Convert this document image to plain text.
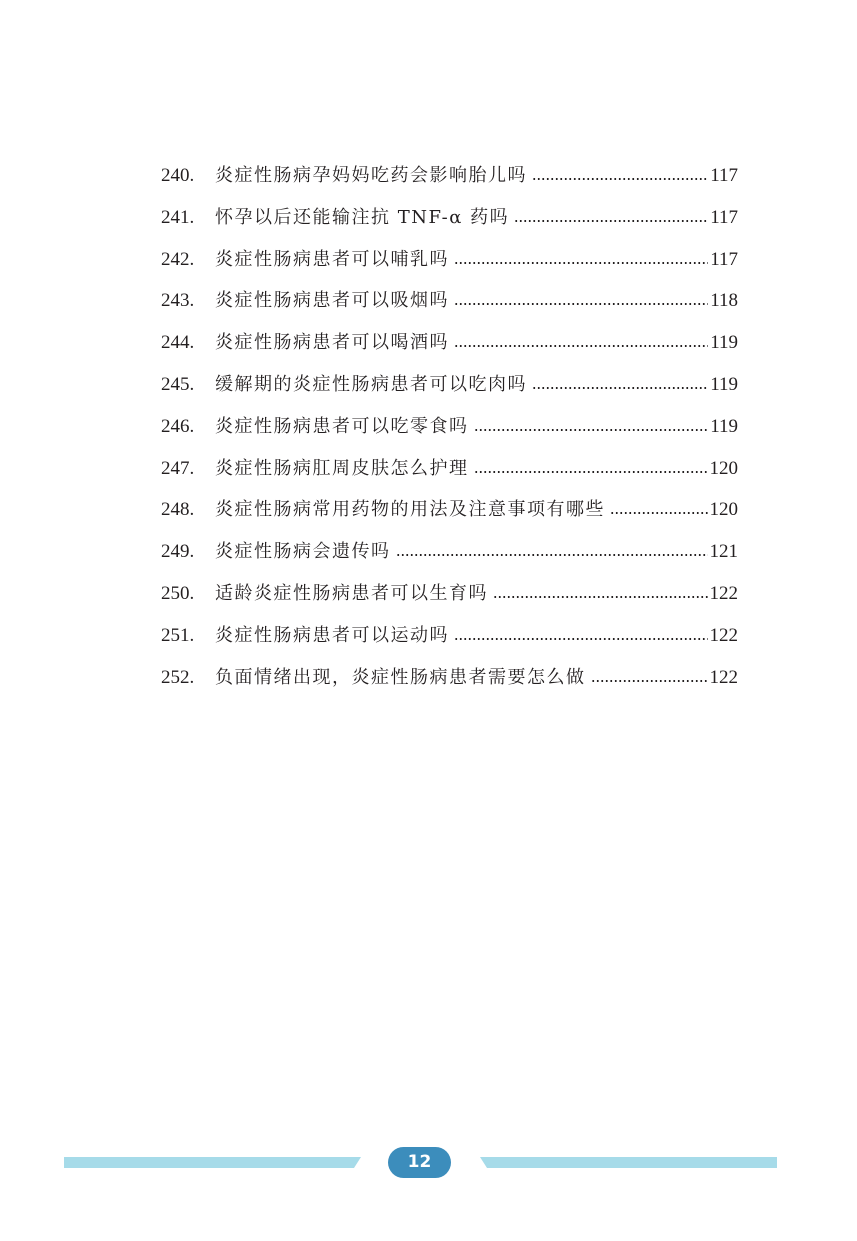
240.	炎症性肠病孕妈妈吃药会影响胎儿吗	117
241.	怀孕以后还能输注抗 TNF-α 药吗	117
242.	炎症性肠病患者可以哺乳吗	117
243.	炎症性肠病患者可以吸烟吗	118
244.	炎症性肠病患者可以喝酒吗	119
245.	缓解期的炎症性肠病患者可以吃肉吗	119
246.	炎症性肠病患者可以吃零食吗	119
247.	炎症性肠病肛周皮肤怎么护理	120
248.	炎症性肠病常用药物的用法及注意事项有哪些	120
249.	炎症性肠病会遗传吗	121
250.	适龄炎症性肠病患者可以生育吗	122
251.	炎症性肠病患者可以运动吗	122
252.	负面情绪出现，炎症性肠病患者需要怎么做	122
12
